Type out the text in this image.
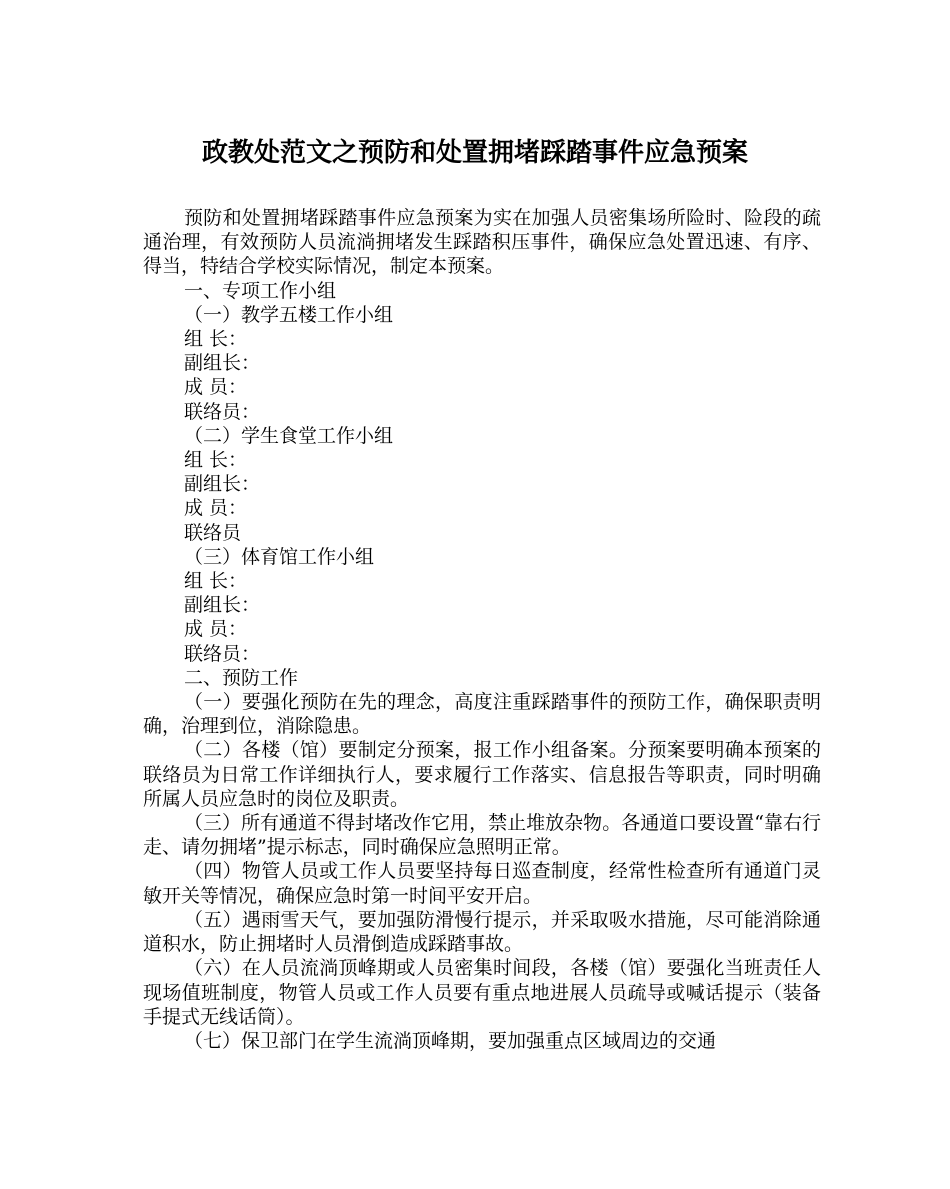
政教处范文之预防和处置拥堵踩踏事件应急预案

预防和处置拥堵踩踏事件应急预案为实在加强人员密集场所险时、险段的疏通治理，有效预防人员流淌拥堵发生踩踏积压事件，确保应急处置迅速、有序、得当，特结合学校实际情况，制定本预案。

一、专项工作小组

（一）教学五楼工作小组

组 长：

副组长：

成 员：

联络员：

（二）学生食堂工作小组

组 长：

副组长：

成 员：

联络员

（三）体育馆工作小组

组 长：

副组长：

成 员：

联络员：

二、预防工作

（一）要强化预防在先的理念，高度注重踩踏事件的预防工作，确保职责明确，治理到位，消除隐患。

（二）各楼（馆）要制定分预案，报工作小组备案。分预案要明确本预案的联络员为日常工作详细执行人，要求履行工作落实、信息报告等职责，同时明确所属人员应急时的岗位及职责。

（三）所有通道不得封堵改作它用，禁止堆放杂物。各通道口要设置“靠右行走、请勿拥堵”提示标志，同时确保应急照明正常。

（四）物管人员或工作人员要坚持每日巡查制度，经常性检查所有通道门灵敏开关等情况，确保应急时第一时间平安开启。

（五）遇雨雪天气，要加强防滑慢行提示，并采取吸水措施，尽可能消除通道积水，防止拥堵时人员滑倒造成踩踏事故。

（六）在人员流淌顶峰期或人员密集时间段，各楼（馆）要强化当班责任人现场值班制度，物管人员或工作人员要有重点地进展人员疏导或喊话提示（装备手提式无线话筒）。

（七）保卫部门在学生流淌顶峰期，要加强重点区域周边的交通
